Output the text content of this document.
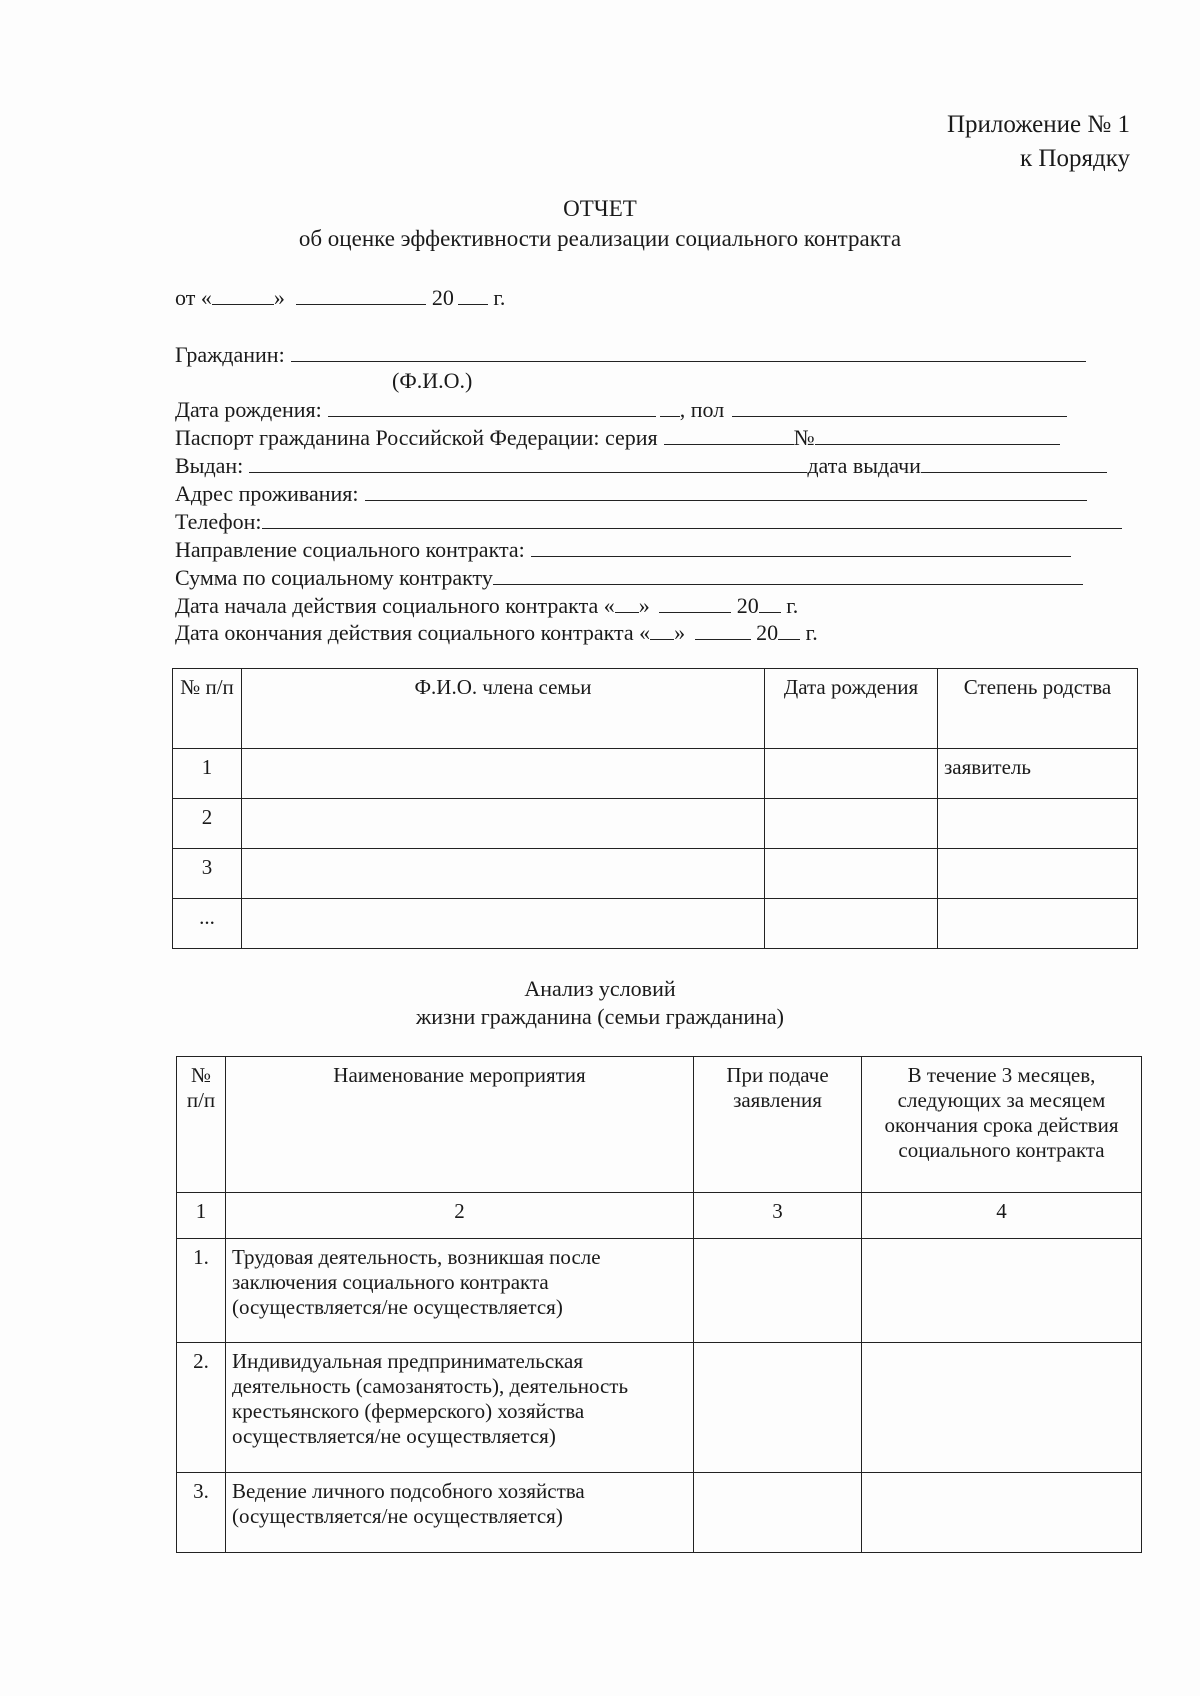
Приложение № 1
к Порядку
ОТЧЕТ
об оценке эффективности реализации социального контракта
от «	»	20 г.
Гражданин:
(Ф.И.О.)
Дата рождения:	, пол
Паспорт гражданина Российской Федерации: серия	№
Выдан:	дата выдачи
Адрес проживания:
Телефон:
Направление социального контракта:
Сумма по социальному контракту
Дата начала действия социального контракта « »	20 г.
Дата окончания действия социального контракта « »	20 г.
№ п/п	Ф.И.О. члена семьи	Дата рождения	Степень родства
1			заявитель
2			
3			
...			
Анализ условий
жизни гражданина (семьи гражданина)
№ п/п	Наименование мероприятия	При подаче заявления	В течение 3 месяцев, следующих за месяцем окончания срока действия социального контракта
1	2	3	4
1.	Трудовая деятельность, возникшая после заключения социального контракта (осуществляется/не осуществляется)		
2.	Индивидуальная предпринимательская деятельность (самозанятость), деятельность крестьянского (фермерского) хозяйства осуществляется/не осуществляется)		
3.	Ведение личного подсобного хозяйства (осуществляется/не осуществляется)		
